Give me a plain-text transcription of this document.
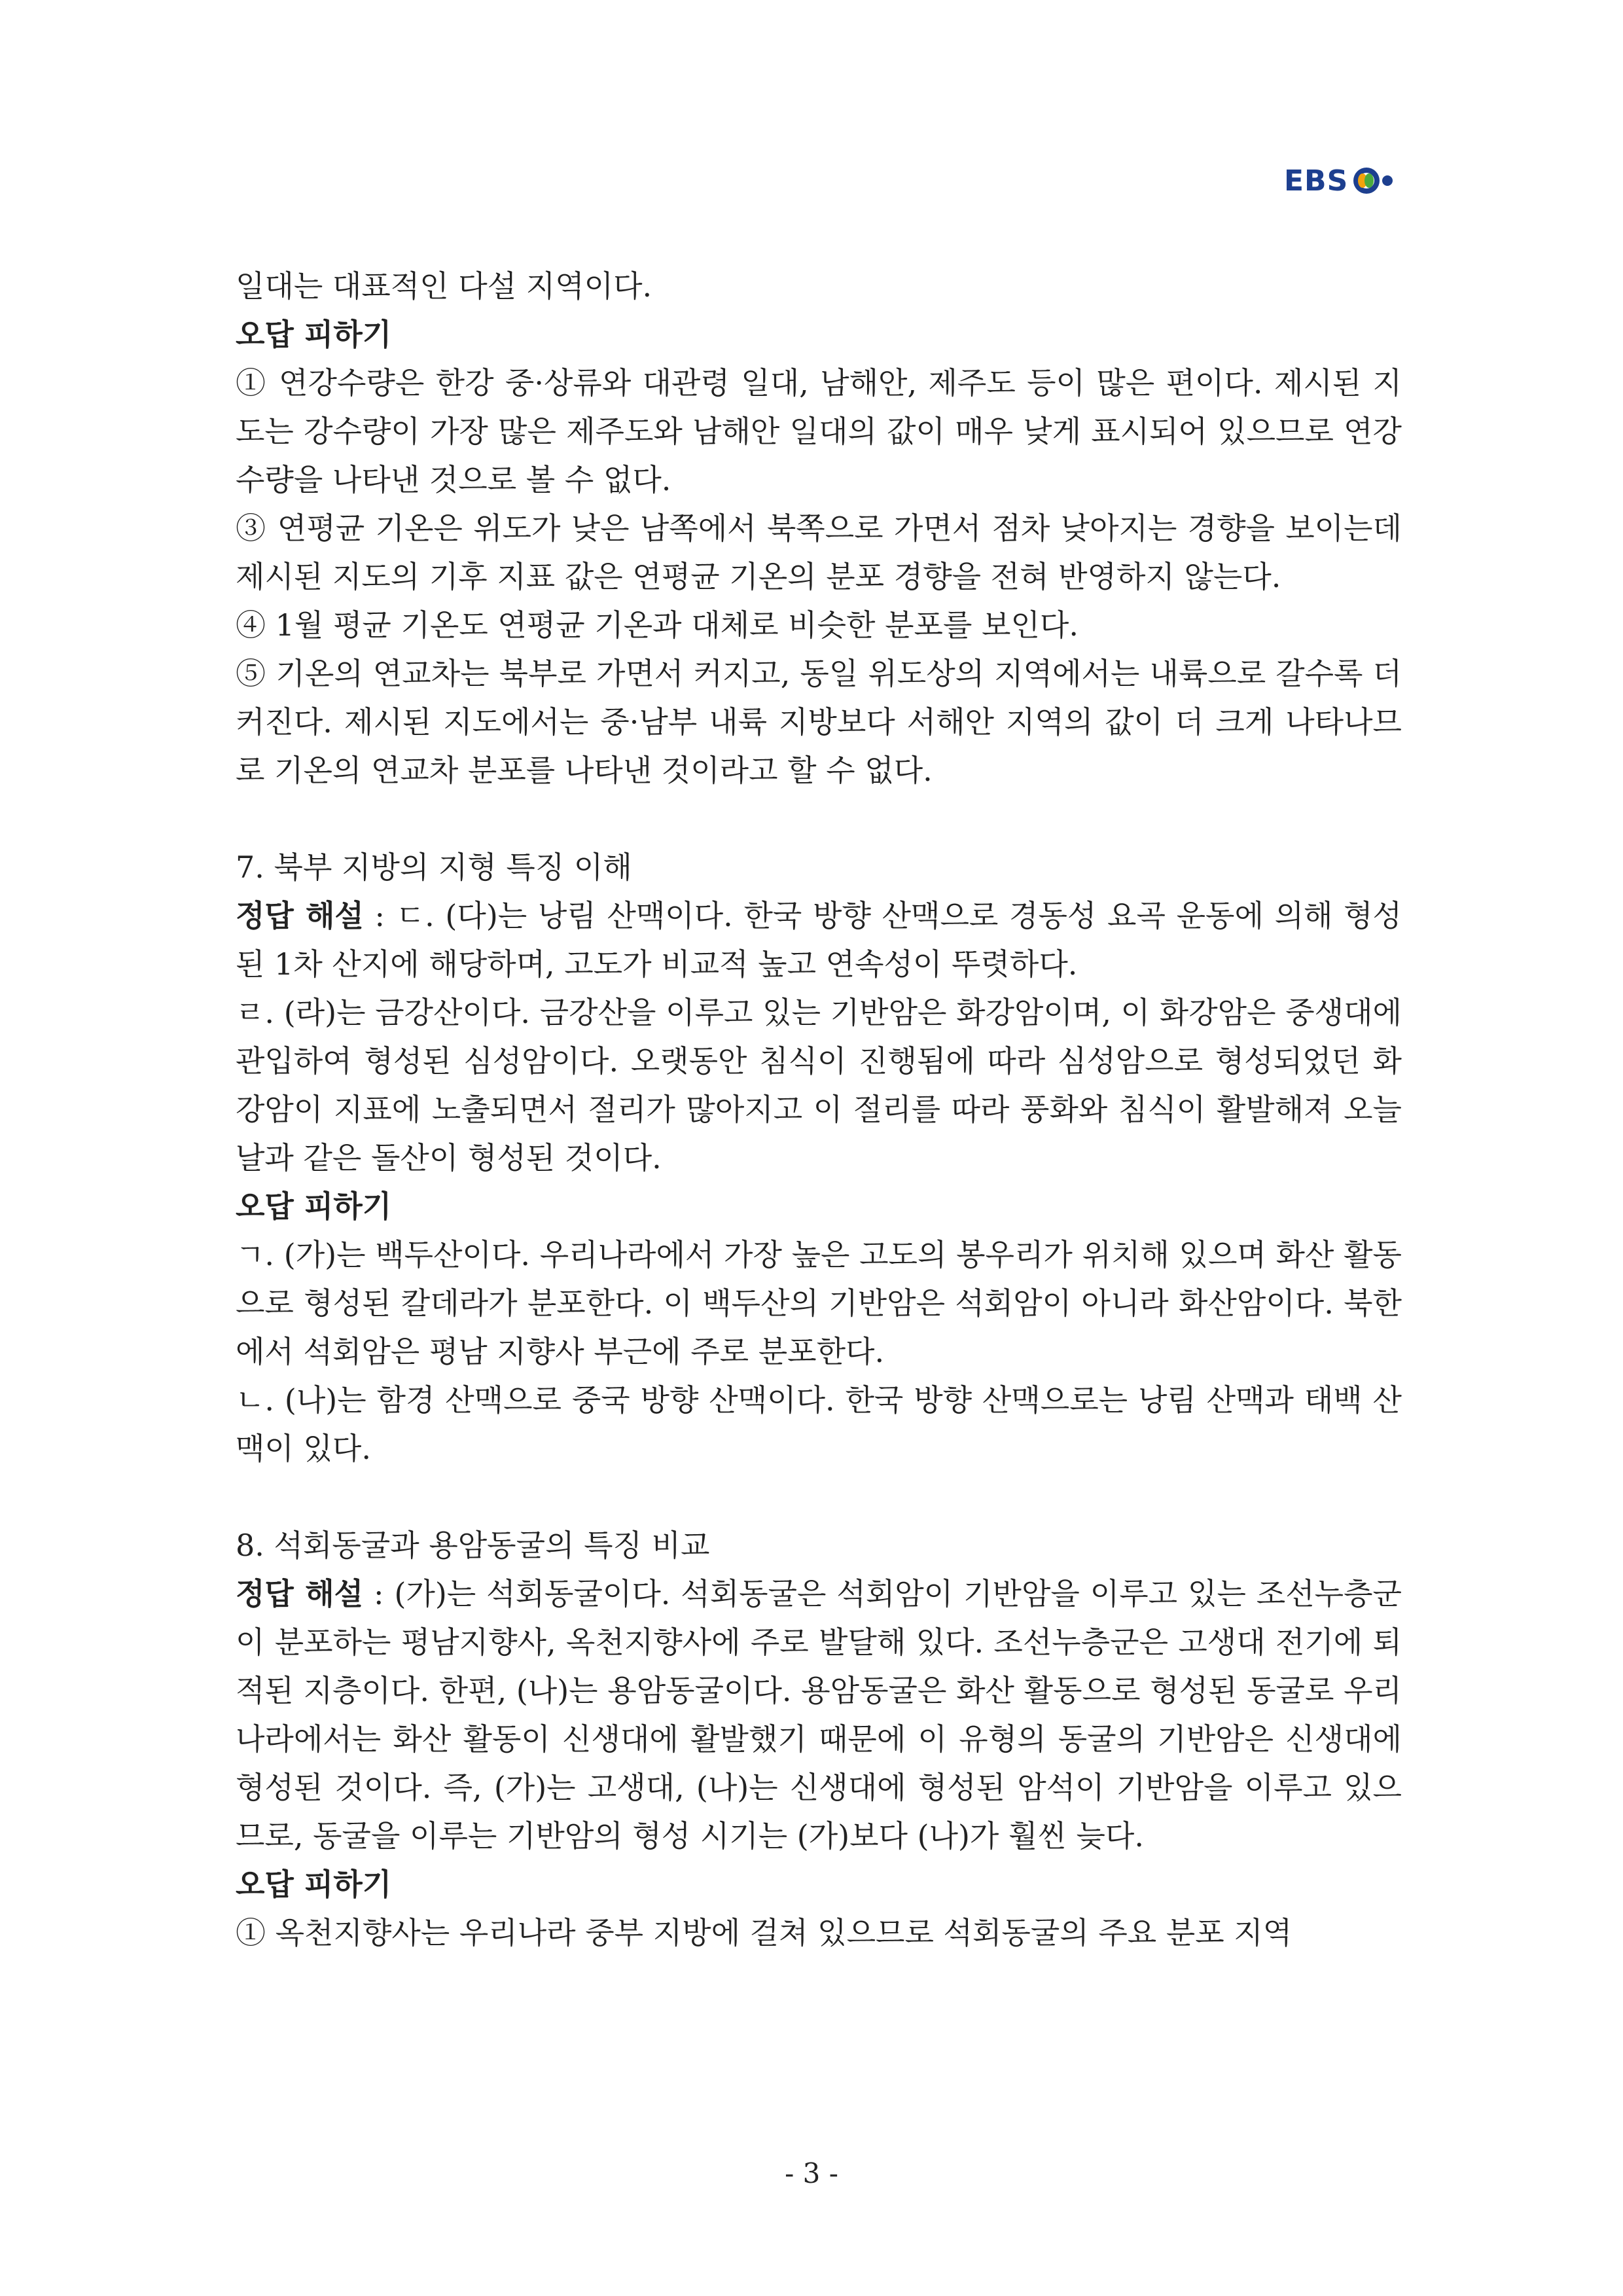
EBS

일대는 대표적인 다설 지역이다.

오답 피하기

① 연강수량은 한강 중·상류와 대관령 일대, 남해안, 제주도 등이 많은 편이다. 제시된 지도는 강수량이 가장 많은 제주도와 남해안 일대의 값이 매우 낮게 표시되어 있으므로 연강수량을 나타낸 것으로 볼 수 없다.

③ 연평균 기온은 위도가 낮은 남쪽에서 북쪽으로 가면서 점차 낮아지는 경향을 보이는데 제시된 지도의 기후 지표 값은 연평균 기온의 분포 경향을 전혀 반영하지 않는다.

④ 1월 평균 기온도 연평균 기온과 대체로 비슷한 분포를 보인다.

⑤ 기온의 연교차는 북부로 가면서 커지고, 동일 위도상의 지역에서는 내륙으로 갈수록 더 커진다. 제시된 지도에서는 중·남부 내륙 지방보다 서해안 지역의 값이 더 크게 나타나므로 기온의 연교차 분포를 나타낸 것이라고 할 수 없다.

7. 북부 지방의 지형 특징 이해

정답 해설 : ㄷ. (다)는 낭림 산맥이다. 한국 방향 산맥으로 경동성 요곡 운동에 의해 형성된 1차 산지에 해당하며, 고도가 비교적 높고 연속성이 뚜렷하다.

ㄹ. (라)는 금강산이다. 금강산을 이루고 있는 기반암은 화강암이며, 이 화강암은 중생대에 관입하여 형성된 심성암이다. 오랫동안 침식이 진행됨에 따라 심성암으로 형성되었던 화강암이 지표에 노출되면서 절리가 많아지고 이 절리를 따라 풍화와 침식이 활발해져 오늘날과 같은 돌산이 형성된 것이다.

오답 피하기

ㄱ. (가)는 백두산이다. 우리나라에서 가장 높은 고도의 봉우리가 위치해 있으며 화산 활동으로 형성된 칼데라가 분포한다. 이 백두산의 기반암은 석회암이 아니라 화산암이다. 북한에서 석회암은 평남 지향사 부근에 주로 분포한다.

ㄴ. (나)는 함경 산맥으로 중국 방향 산맥이다. 한국 방향 산맥으로는 낭림 산맥과 태백 산맥이 있다.

8. 석회동굴과 용암동굴의 특징 비교

정답 해설 : (가)는 석회동굴이다. 석회동굴은 석회암이 기반암을 이루고 있는 조선누층군이 분포하는 평남지향사, 옥천지향사에 주로 발달해 있다. 조선누층군은 고생대 전기에 퇴적된 지층이다. 한편, (나)는 용암동굴이다. 용암동굴은 화산 활동으로 형성된 동굴로 우리나라에서는 화산 활동이 신생대에 활발했기 때문에 이 유형의 동굴의 기반암은 신생대에 형성된 것이다. 즉, (가)는 고생대, (나)는 신생대에 형성된 암석이 기반암을 이루고 있으므로, 동굴을 이루는 기반암의 형성 시기는 (가)보다 (나)가 훨씬 늦다.

오답 피하기

① 옥천지향사는 우리나라 중부 지방에 걸쳐 있으므로 석회동굴의 주요 분포 지역

- 3 -
